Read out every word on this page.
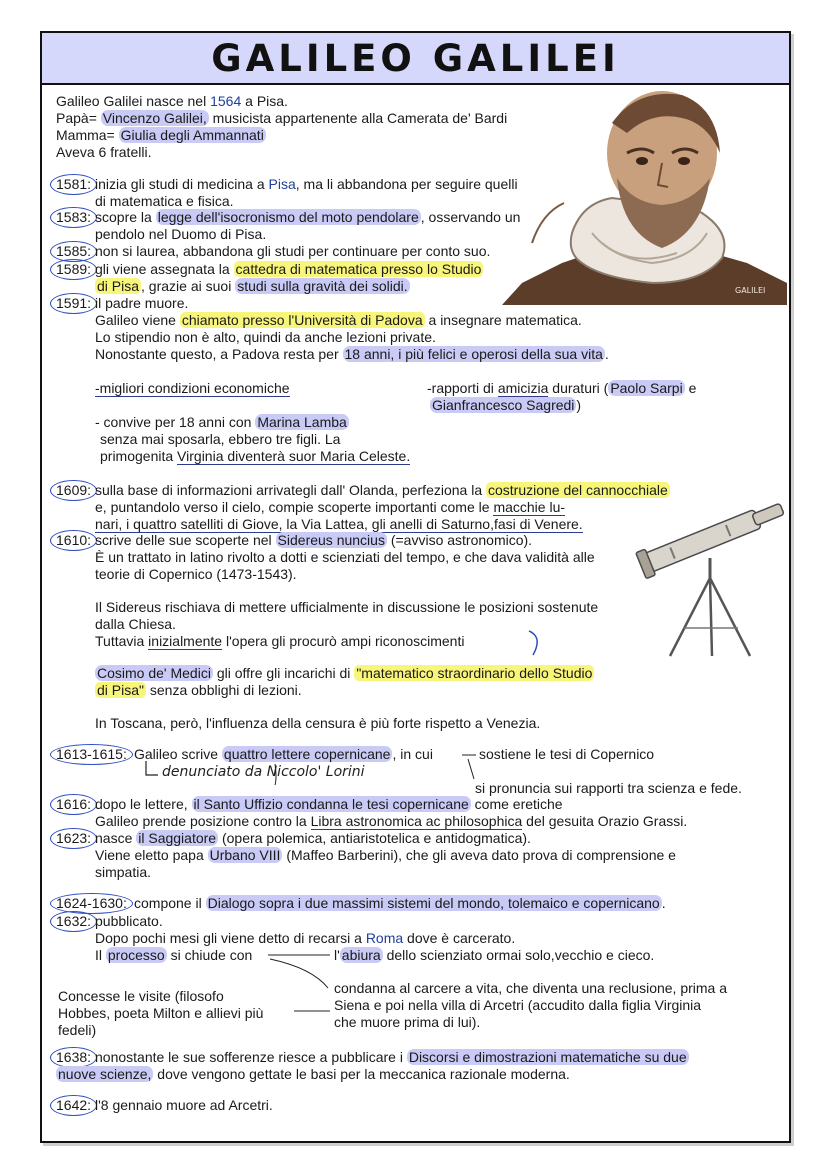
GALILEO GALILEI
GALILEI
Galileo Galilei nasce nel 1564 a Pisa.
Papà= Vincenzo Galilei, musicista appartenente alla Camerata de' Bardi
Mamma= Giulia degli Ammannati
Aveva 6 fratelli.
1581: inizia gli studi di medicina a Pisa, ma li abbandona per seguire quelli
di matematica e fisica.
1583: scopre la legge dell'isocronismo del moto pendolare , osservando un
pendolo nel Duomo di Pisa.
1585: non si laurea, abbandona gli studi per continuare per conto suo.
1589: gli viene assegnata la cattedra di matematica presso lo Studio
di Pisa , grazie ai suoi studi sulla gravità dei solidi.
1591: il padre muore.
Galileo viene chiamato presso l'Università di Padova a insegnare matematica.
Lo stipendio non è alto, quindi da anche lezioni private.
Nonostante questo, a Padova resta per 18 anni, i più felici e operosi della sua vita .
-migliori condizioni economiche	-rapporti di amicizia duraturi ( Paolo Sarpi e
Gianfrancesco Sagredi )
- convive per 18 anni con Marina Lamba
senza mai sposarla, ebbero tre figli. La
primogenita Virginia diventerà suor Maria Celeste.
1609: sulla base di informazioni arrivategli dall' Olanda, perfeziona la costruzione del cannocchiale
e, puntandolo verso il cielo, compie scoperte importanti come le macchie lu-
nari, i quattro satelliti di Giove, la Via Lattea, gli anelli di Saturno,fasi di Venere.
1610: scrive delle sue scoperte nel Sidereus nuncius (=avviso astronomico).
È un trattato in latino rivolto a dotti e scienziati del tempo, e che dava validità alle
teorie di Copernico (1473-1543).
Il Sidereus rischiava di mettere ufficialmente in discussione le posizioni sostenute
dalla Chiesa.
Tuttavia inizialmente l'opera gli procurò ampi riconoscimenti
Cosimo de' Medici gli offre gli incarichi di "matematico straordinario dello Studio
di Pisa" senza obblighi di lezioni.
In Toscana, però, l'influenza della censura è più forte rispetto a Venezia.
1613-1615: Galileo scrive quattro lettere copernicane , in cui	sostiene le tesi di Copernico
si pronuncia sui rapporti tra scienza e fede.
denunciato da Niccolo' Lorini
1616: dopo le lettere, il Santo Uffizio condanna le tesi copernicane come eretiche
Galileo prende posizione contro la Libra astronomica ac philosophica del gesuita Orazio Grassi.
1623: nasce il Saggiatore (opera polemica, antiaristotelica e antidogmatica).
Viene eletto papa Urbano VIII (Maffeo Barberini), che gli aveva dato prova di comprensione e
simpatia.
1624-1630: compone il Dialogo sopra i due massimi sistemi del mondo, tolemaico e copernicano .
1632: pubblicato.
Dopo pochi mesi gli viene detto di recarsi a Roma dove è carcerato.
Il processo si chiude con	l' abiura dello scienziato ormai solo,vecchio e cieco.
condanna al carcere a vita, che diventa una reclusione, prima a
Siena e poi nella villa di Arcetri (accudito dalla figlia Virginia
che muore prima di lui).
Concesse le visite (filosofo
Hobbes, poeta Milton e allievi più
fedeli)
1638: nonostante le sue sofferenze riesce a pubblicare i Discorsi e dimostrazioni matematiche su due
nuove scienze, dove vengono gettate le basi per la meccanica razionale moderna.
1642: l'8 gennaio muore ad Arcetri.
